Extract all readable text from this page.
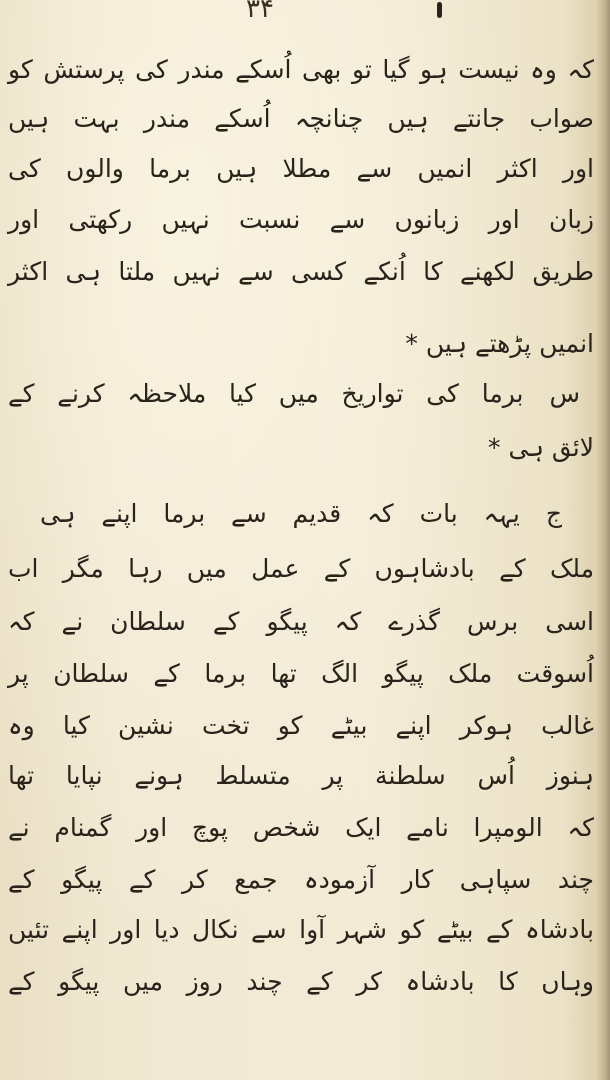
۳۴
کہ وہ نیست ہو گیا تو بھی اُسکے مندر کی پرستش کو
صواب جانتے ہیں چنانچہ اُسکے مندر بہت ہیں
اور اکثر انمیں سے مطلا ہیں برما والوں کی
زبان اور زبانوں سے نسبت نہیں رکھتی اور
طریق لکھنے کا اُنکے کسی سے نہیں ملتا ہی اکثر
انمیں پڑھتے ہیں *
سبرما کی تواریخ میں کیا ملاحظہ کرنے کے
لائق ہی *
جیہہ بات کہ قدیم سے برما اپنے ہی
ملک کے بادشاہوں کے عمل میں رہا مگر اب
اسی برس گذرے کہ پیگو کے سلطان نے کہ
اُسوقت ملک پیگو الگ تھا برما کے سلطان پر
غالب ہوکر اپنے بیٹے کو تخت نشین کیا وہ
ہنوز اُس سلطنة پر متسلط ہونے نپایا تھا
کہ الومپرا نامے ایک شخص پوچ اور گمنام نے
چند سپاہی کار آزمودہ جمع کر کے پیگو کے
بادشاہ کے بیٹے کو شہر آوا سے نکال دیا اور اپنے تئیں
وہاں کا بادشاہ کر کے چند روز میں پیگو کے
